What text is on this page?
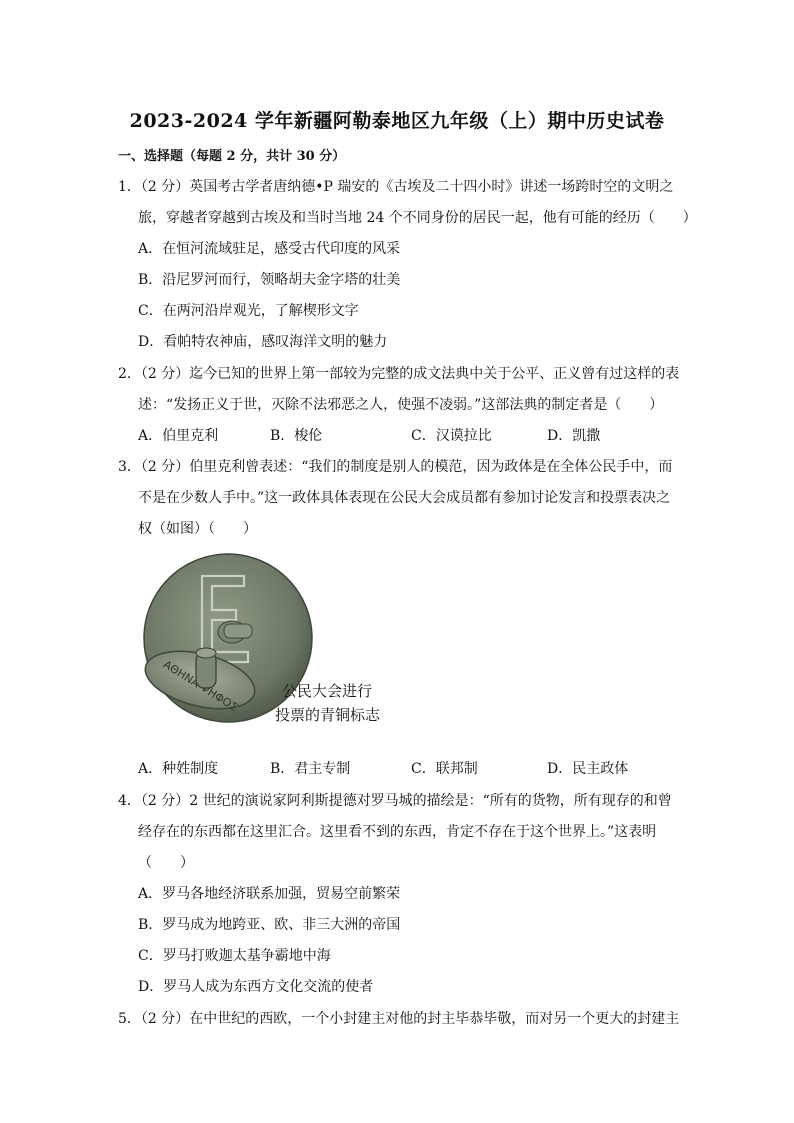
2023-2024 学年新疆阿勒泰地区九年级（上）期中历史试卷
一、选择题（每题 2 分，共计 30 分）
1．（2 分）英国考古学者唐纳德•P 瑞安的《古埃及二十四小时》讲述一场跨时空的文明之
旅，穿越者穿越到古埃及和当时当地 24 个不同身份的居民一起，他有可能的经历（　　）
A．在恒河流域驻足，感受古代印度的风采
B．沿尼罗河而行，领略胡夫金字塔的壮美
C．在两河沿岸观光，了解楔形文字
D．看帕特农神庙，感叹海洋文明的魅力
2．（2 分）迄今已知的世界上第一部较为完整的成文法典中关于公平、正义曾有过这样的表
述：“发扬正义于世，灭除不法邪恶之人，使强不凌弱。”这部法典的制定者是（　　）
A．伯里克利	B．梭伦	C．汉谟拉比	D．凯撒
3．（2 分）伯里克利曾表述：“我们的制度是别人的模范，因为政体是在全体公民手中，而
不是在少数人手中。”这一政体具体表现在公民大会成员都有参加讨论发言和投票表决之
权（如图）（　　）
ΑΘΗΝΑ ΨΗΦΟΣ	公民大会进行
投票的青铜标志
A．种姓制度	B．君主专制	C．联邦制	D．民主政体
4．（2 分）2 世纪的演说家阿利斯提德对罗马城的描绘是：“所有的货物，所有现存的和曾
经存在的东西都在这里汇合。这里看不到的东西，肯定不存在于这个世界上。”这表明
（　　）
A．罗马各地经济联系加强，贸易空前繁荣
B．罗马成为地跨亚、欧、非三大洲的帝国
C．罗马打败迦太基争霸地中海
D．罗马人成为东西方文化交流的使者
5．（2 分）在中世纪的西欧，一个小封建主对他的封主毕恭毕敬，而对另一个更大的封建主
